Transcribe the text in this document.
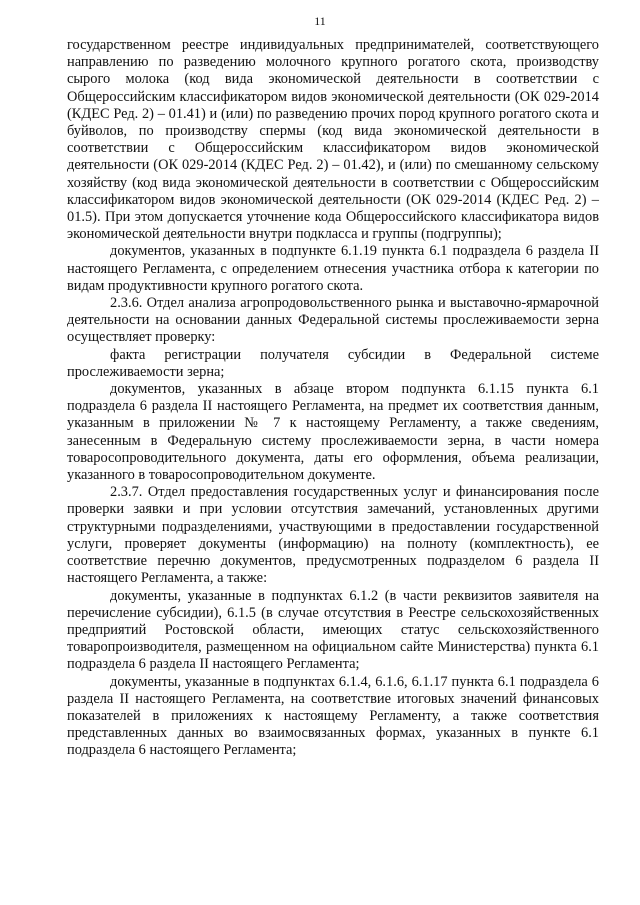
11

государственном реестре индивидуальных предпринимателей, соответствующего направлению по разведению молочного крупного рогатого скота, производству сырого молока (код вида экономической деятельности в соответствии с Общероссийским классификатором видов экономической деятельности (ОК 029-2014 (КДЕС Ред. 2) – 01.41) и (или) по разведению прочих пород крупного рогатого скота и буйволов, по производству спермы (код вида экономической деятельности в соответствии с Общероссийским классификатором видов экономической деятельности (ОК 029-2014 (КДЕС Ред. 2) – 01.42), и (или) по смешанному сельскому хозяйству (код вида экономической деятельности в соответствии с Общероссийским классификатором видов экономической деятельности (ОК 029-2014 (КДЕС Ред. 2) – 01.5). При этом допускается уточнение кода Общероссийского классификатора видов экономической деятельности внутри подкласса и группы (подгруппы);

документов, указанных в подпункте 6.1.19 пункта 6.1 подраздела 6 раздела II настоящего Регламента, с определением отнесения участника отбора к категории по видам продуктивности крупного рогатого скота.

2.3.6. Отдел анализа агропродовольственного рынка и выставочно-ярмарочной деятельности на основании данных Федеральной системы прослеживаемости зерна осуществляет проверку:

факта регистрации получателя субсидии в Федеральной системе прослеживаемости зерна;

документов, указанных в абзаце втором подпункта 6.1.15 пункта 6.1 подраздела 6 раздела II настоящего Регламента, на предмет их соответствия данным, указанным в приложении № 7 к настоящему Регламенту, а также сведениям, занесенным в Федеральную систему прослеживаемости зерна, в части номера товаросопроводительного документа, даты его оформления, объема реализации, указанного в товаросопроводительном документе.

2.3.7. Отдел предоставления государственных услуг и финансирования после проверки заявки и при условии отсутствия замечаний, установленных другими структурными подразделениями, участвующими в предоставлении государственной услуги, проверяет документы (информацию) на полноту (комплектность), ее соответствие перечню документов, предусмотренных подразделом 6 раздела II настоящего Регламента, а также:

документы, указанные в подпунктах 6.1.2 (в части реквизитов заявителя на перечисление субсидии), 6.1.5 (в случае отсутствия в Реестре сельскохозяйственных предприятий Ростовской области, имеющих статус сельскохозяйственного товаропроизводителя, размещенном на официальном сайте Министерства) пункта 6.1 подраздела 6 раздела II настоящего Регламента;

документы, указанные в подпунктах 6.1.4, 6.1.6, 6.1.17 пункта 6.1 подраздела 6 раздела II настоящего Регламента, на соответствие итоговых значений финансовых показателей в приложениях к настоящему Регламенту, а также соответствия представленных данных во взаимосвязанных формах, указанных в пункте 6.1 подраздела 6 настоящего Регламента;
